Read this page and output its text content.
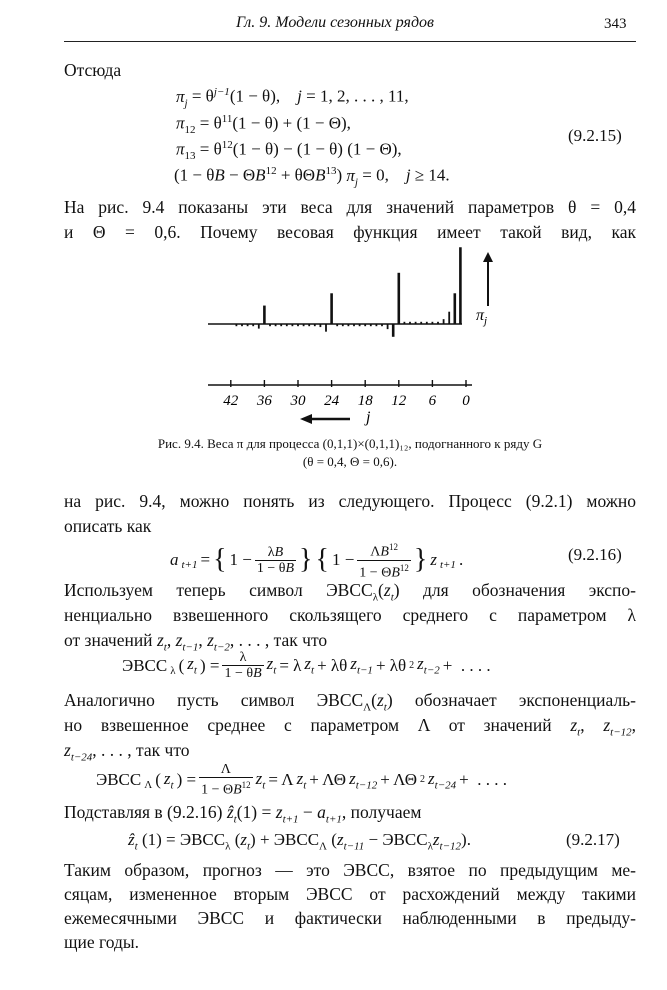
Гл. 9. Модели сезонных рядов	343
Отсюда
$\pi_j = \theta^{j-1}(1 - \theta)$,    j = 1, 2, . . . , 11,
$\pi_{12} = \theta^{11}(1 - \theta) + (1 - \Theta)$,
$\pi_{13} = \theta^{12}(1 - \theta) - (1 - \theta) (1 - \Theta)$,
$(1 - \theta B - \Theta B^{12} + \theta\Theta B^{13})$ $\pi_j = 0$,    j ≥ 14.
(9.2.15)
На рис. 9.4 показаны эти веса для значений параметров θ = 0,4
и Θ = 0,6. Почему весовая функция имеет такой вид, как
$\pi_j$
42 36 30 24 18 12 6 0
j
Рис. 9.4. Веса π для процесса (0,1,1)×(0,1,1)₁₂, подогнанного к ряду G
(θ = 0,4, Θ = 0,6).
на рис. 9.4, можно понять из следующего. Процесс (9.2.1) можно
описать как
a $_{t+1}$ = { 1 − λB
1 − θB } { $1 - \Lambda B^{12}$
$1 - \Theta B^{12}$ } z $_{t+1}$ .	(9.2.16)
Используем теперь символ $ЭВСС_\lambda(z_t)$ для обозначения экспо-
ненциально взвешенного скользящего среднего с параметром λ
от значений $z_t$, $z_{t-1}$, $z_{t-2}$, . . . , так что
ЭВСС λ ( $z_t$ ) = λ
1 − θB
$z_t = \lambda$ $z_t + \lambda\theta$ $z_{t-1} + \lambda\theta$ 2 $z_{t-2}$ +  . . . .
Аналогично пусть символ $ЭВСС_\Lambda(z_t)$ обозначает экспоненциаль-
но взвешенное среднее с параметром Λ от значений $z_t$, $z_{t-12}$,
$z_{t-24}$, . . . , так что
ЭВСС Λ ( $z_t$ ) =
Λ
$1 - \Theta B^{12}$ $z_t = \Lambda$ $z_t + \Lambda\Theta$ $z_{t-12} + \Lambda\Theta$ 2 $z_{t-24}$ +  . . . .
Подставляя в (9.2.16) ẑ$_t$(1) = $z_{t+1} - a_{t+1}$, получаем
ẑ$_t$ $(1) = ЭВСС_\lambda$ $(z_t)$ + $ЭВСС_\Lambda$ ($z_{t-11}$ − $ЭВСС_\lambda z_{t-12}$).	(9.2.17)
Таким образом, прогноз — это ЭВСС, взятое по предыдущим ме-
сяцам, измененное вторым ЭВСС от расхождений между такими
ежемесячными ЭВСС и фактически наблюденными в предыду-
щие годы.
